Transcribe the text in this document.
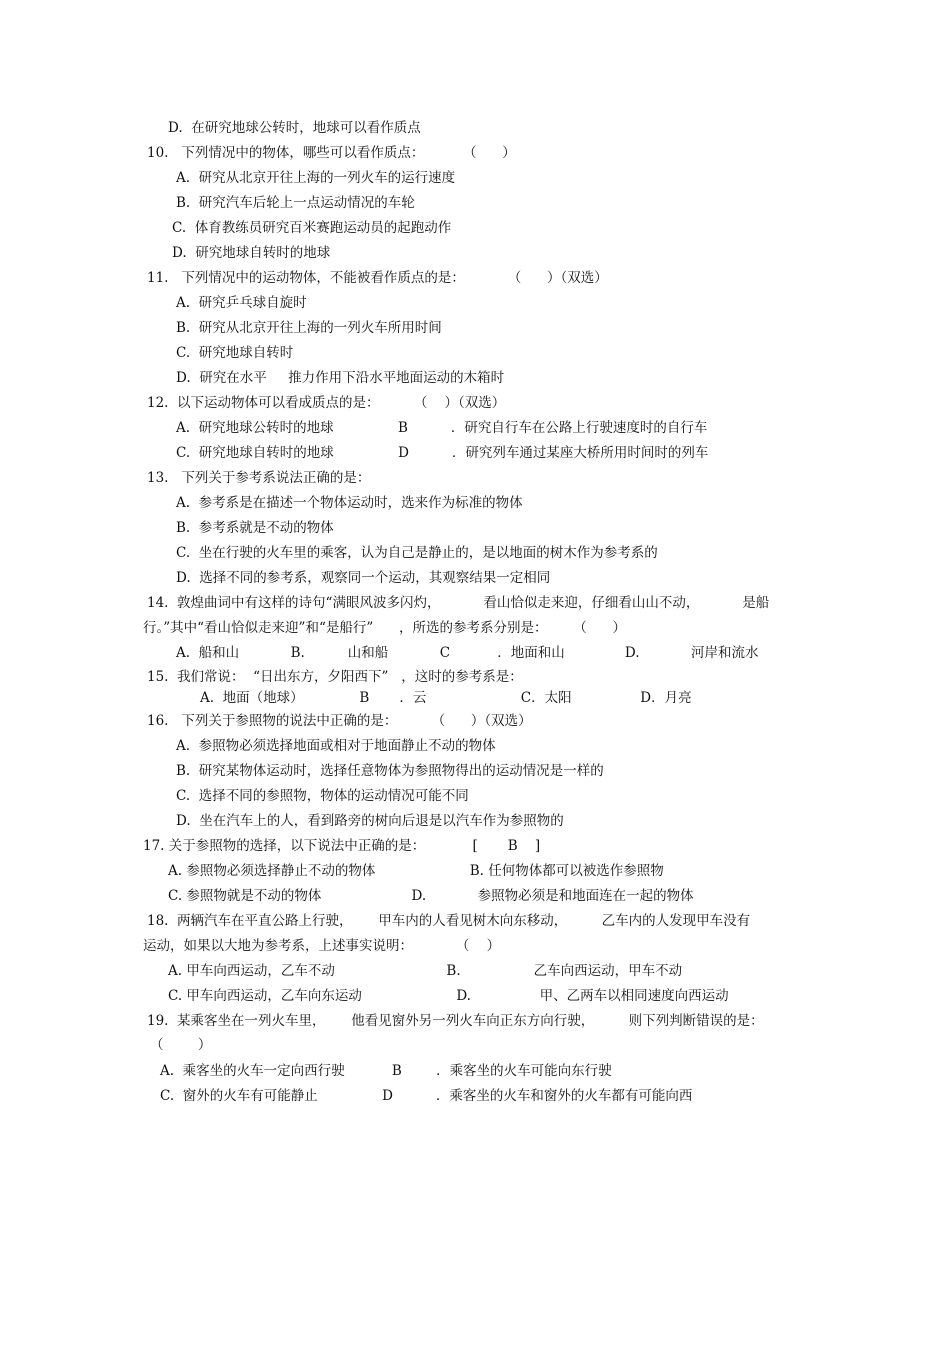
D.  在研究地球公转时，地球可以看作质点
10.   下列情况中的物体，哪些可以看作质点：         （      ）
A.  研究从北京开往上海的一列火车的运行速度
B.  研究汽车后轮上一点运动情况的车轮
C.  体育教练员研究百米赛跑运动员的起跑动作
D.  研究地球自转时的地球
11.   下列情况中的运动物体，不能被看作质点的是：          （      ）（双选）
A.  研究乒乓球自旋时
B.  研究从北京开往上海的一列火车所用时间
C.  研究地球自转时
D.  研究在水平     推力作用下沿水平地面运动的木箱时
12.  以下运动物体可以看成质点的是：        （    ）（双选）
A.  研究地球公转时的地球               B          ．研究自行车在公路上行驶速度时的自行车
C.  研究地球自转时的地球               D          ．研究列车通过某座大桥所用时间时的列车
13.   下列关于参考系说法正确的是：
A.  参考系是在描述一个物体运动时，选来作为标准的物体
B.  参考系就是不动的物体
C.  坐在行驶的火车里的乘客，认为自己是静止的，是以地面的树木作为参考系的
D.  选择不同的参考系，观察同一个运动，其观察结果一定相同
14.  敦煌曲词中有这样的诗句“满眼风波多闪灼，          看山恰似走来迎，仔细看山山不动，          是船
行。”其中“看山恰似走来迎”和“是船行”      ，所选的参考系分别是：      （      ）
A.  船和山            B.          山和船            C           ．地面和山              D.            河岸和流水
15.  我们常说：  “日出东方，夕阳西下”   ，这时的参考系是：
A.  地面（地球）             B       ．云                      C．太阳                D．月亮
16.   下列关于参照物的说法中正确的是：        （      ）（双选）
A.  参照物必须选择地面或相对于地面静止不动的物体
B.  研究某物体运动时，选择任意物体为参照物得出的运动情况是一样的
C.  选择不同的参照物，物体的运动情况可能不同
D.  坐在汽车上的人，看到路旁的树向后退是以汽车作为参照物的
17. 关于参照物的选择，以下说法中正确的是：           [       B    ]
A. 参照物必须选择静止不动的物体                      B. 任何物体都可以被选作参照物
C. 参照物就是不动的物体                     D.            参照物必须是和地面连在一起的物体
18.  两辆汽车在平直公路上行驶，      甲车内的人看见树木向东移动，        乙车内的人发现甲车没有
运动，如果以大地为参考系，上述事实说明：          （    ）
A. 甲车向西运动，乙车不动                          B.                 乙车向西运动，甲车不动
C. 甲车向西运动，乙车向东运动                      D.                甲、乙两车以相同速度向西运动
19.  某乘客坐在一列火车里，      他看见窗外另一列火车向正东方向行驶，        则下列判断错误的是：
（        ）
A.  乘客坐的火车一定向西行驶           B        ．乘客坐的火车可能向东行驶
C.  窗外的火车有可能静止               D          ．乘客坐的火车和窗外的火车都有可能向西
